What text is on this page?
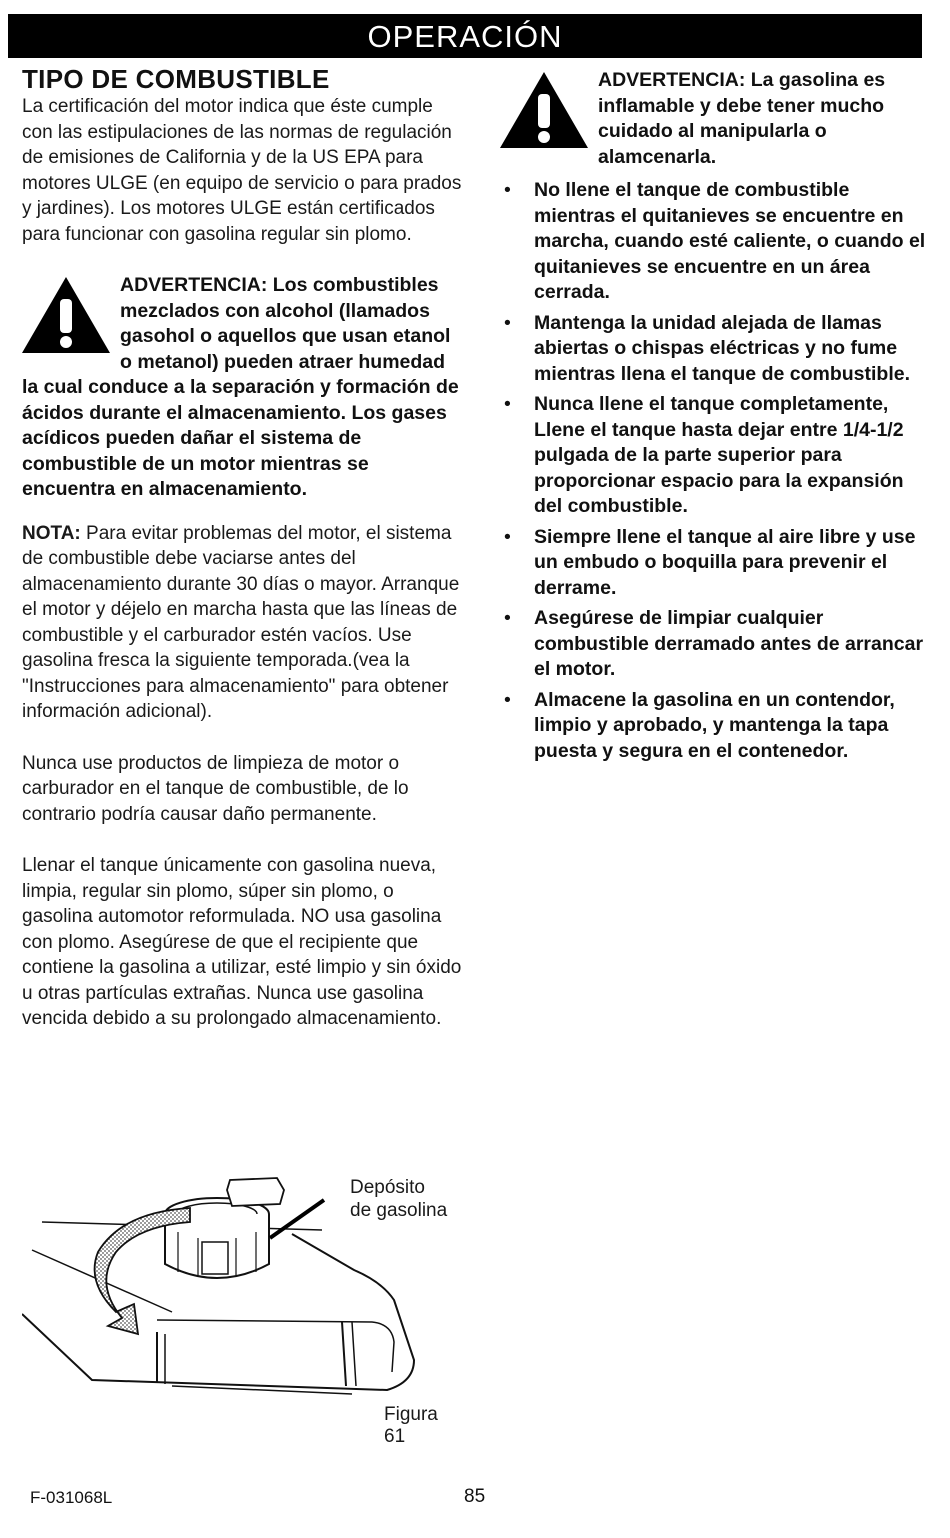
OPERACIÓN
TIPO DE COMBUSTIBLE

La certificación del motor indica que éste cumple con las estipulaciones de las normas de regulación de emisiones de California y de la US EPA para motores ULGE (en equipo de servicio o para prados y jardines). Los motores ULGE están certificados para funcionar con gasolina regular sin plomo.

ADVERTENCIA: Los combustibles mezclados con alcohol (llamados gasohol o aquellos que usan etanol o metanol) pueden atraer humedad la cual conduce a la separación y formación de ácidos durante el almacenamiento. Los gases acídicos pueden dañar el sistema de combustible de un motor mientras se encuentra en almacenamiento.

NOTA: Para evitar problemas del motor, el sistema de combustible debe vaciarse antes del almacenamiento durante 30 días o mayor. Arranque el motor y déjelo en marcha hasta que las líneas de combustible y el carburador estén vacíos. Use gasolina fresca la siguiente temporada.(vea la "Instrucciones para almacenamiento" para obtener información adicional).

Nunca use productos de limpieza de motor o carburador en el tanque de combustible, de lo contrario podría causar daño permanente.

Llenar el tanque únicamente con gasolina nueva, limpia, regular sin plomo, súper sin plomo, o gasolina automotor reformulada. NO usa gasolina con plomo. Asegúrese de que el recipiente que contiene la gasolina a utilizar, esté limpio y sin óxido u otras partículas extrañas. Nunca use gasolina vencida debido a su prolongado almacenamiento.

Depósito
de gasolina
Figura 61
ADVERTENCIA: La gasolina es inflamable y debe tener mucho cuidado al manipularla o alamcenarla.
• No llene el tanque de combustible mientras el quitanieves se encuentre en marcha, cuando esté caliente, o cuando el quitanieves se encuentre en un área cerrada.
• Mantenga la unidad alejada de llamas abiertas o chispas eléctricas y no fume mientras llena el tanque de combustible.
• Nunca llene el tanque completamente, Llene el tanque hasta dejar entre 1/4-1/2 pulgada de la parte superior para proporcionar espacio para la expansión del combustible.
• Siempre llene el tanque al aire libre y use un embudo o boquilla para prevenir el derrame.
• Asegúrese de limpiar cualquier combustible derramado antes de arrancar el motor.
• Almacene la gasolina en un contendor, limpio y aprobado, y mantenga la tapa puesta y segura en el contenedor.
F-031068L	85
